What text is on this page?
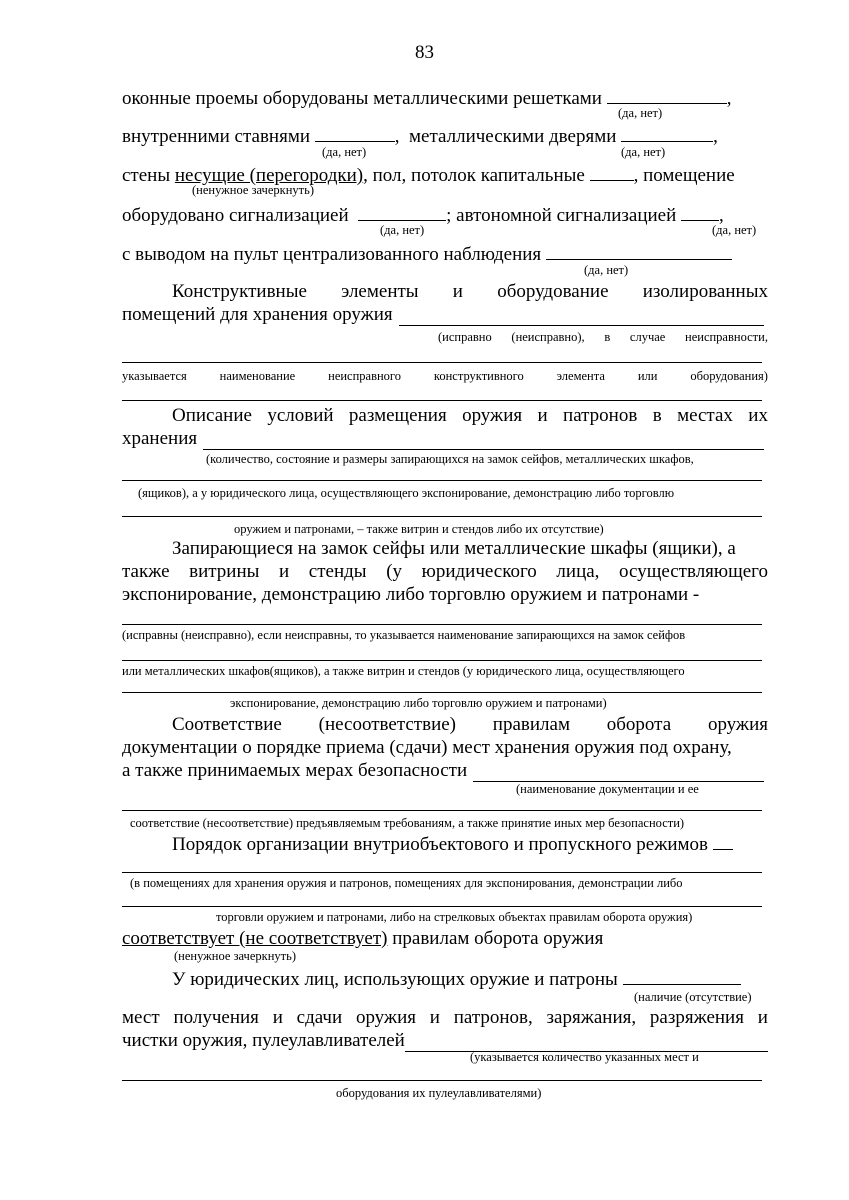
83
оконные проемы оборудованы металлическими решетками	,
(да, нет)
внутренними ставнями	,  металлическими дверями	,
(да, нет)	(да, нет)
стены несущие (перегородки), пол, потолок капитальные	, помещение
(ненужное зачеркнуть)
оборудовано сигнализацией	; автономной сигнализацией ,
(да, нет)	(да, нет)
с выводом на пульт централизованного наблюдения
(да, нет)
Конструктивные элементы и оборудование изолированных
помещений для хранения оружия
(исправно (неисправно), в случае неисправности,
указывается	наименование	неисправного	конструктивного	элемента	или	оборудования)
Описание условий размещения оружия и патронов в местах их
хранения
(количество, состояние и размеры запирающихся на замок сейфов, металлических шкафов,
(ящиков), а у юридического лица, осуществляющего экспонирование, демонстрацию либо торговлю
оружием и патронами, – также витрин и стендов либо их отсутствие)
Запирающиеся на замок сейфы или металлические шкафы (ящики), а
также витрины и стенды (у юридического лица, осуществляющего
экспонирование, демонстрацию либо торговлю оружием и патронами -
(исправны (неисправно), если неисправны, то указывается наименование запирающихся на замок сейфов
или металлических шкафов(ящиков), а также витрин и стендов (у юридического лица, осуществляющего
экспонирование, демонстрацию либо торговлю оружием и патронами)
Соответствие (несоответствие) правилам оборота оружия
документации о порядке приема (сдачи) мест хранения оружия под охрану,
а также принимаемых мерах безопасности
(наименование документации и ее
соответствие (несоответствие) предъявляемым требованиям, а также принятие иных мер безопасности)
Порядок организации внутриобъектового и пропускного режимов
(в помещениях для хранения оружия и патронов, помещениях для экспонирования, демонстрации либо
торговли оружием и патронами, либо на стрелковых объектах правилам оборота оружия)
соответствует (не соответствует) правилам оборота оружия
(ненужное зачеркнуть)
У юридических лиц, использующих оружие и патроны
(наличие (отсутствие)
мест получения и сдачи оружия и патронов, заряжания, разряжения и
чистки оружия, пулеулавливателей
(указывается количество указанных мест и
оборудования их пулеулавливателями)
